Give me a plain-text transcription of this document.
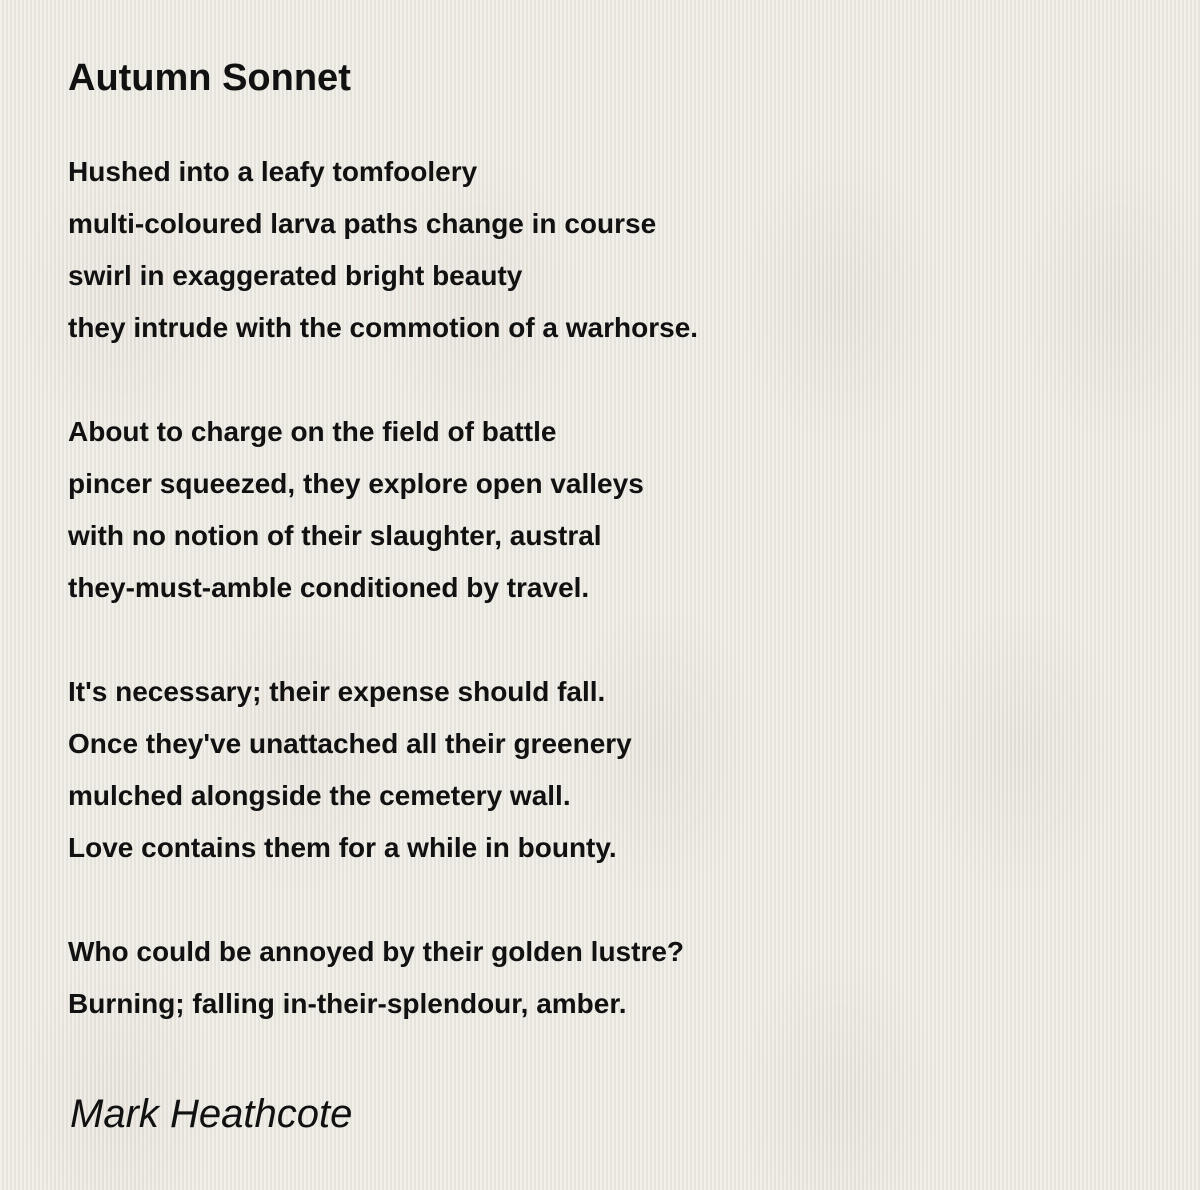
Autumn Sonnet
Hushed into a leafy tomfoolery
multi-coloured larva paths change in course
swirl in exaggerated bright beauty
they intrude with the commotion of a warhorse.
About to charge on the field of battle
pincer squeezed, they explore open valleys
with no notion of their slaughter, austral
they-must-amble conditioned by travel.
It's necessary; their expense should fall.
Once they've unattached all their greenery
mulched alongside the cemetery wall.
Love contains them for a while in bounty.
Who could be annoyed by their golden lustre?
Burning; falling in-their-splendour, amber.

Mark Heathcote
